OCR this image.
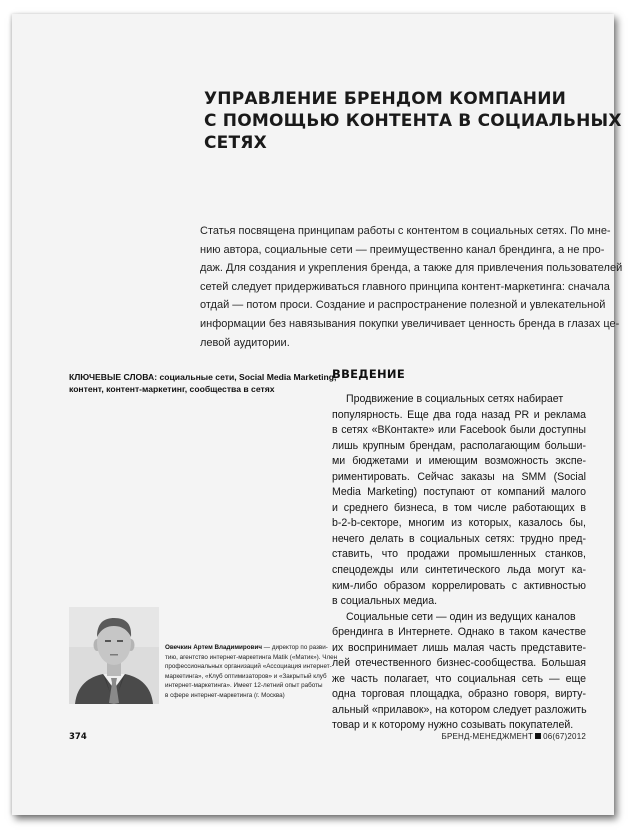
УПРАВЛЕНИЕ БРЕНДОМ КОМПАНИИ
С ПОМОЩЬЮ КОНТЕНТА В СОЦИАЛЬНЫХ
СЕТЯХ
Статья посвящена принципам работы с контентом в социальных сетях. По мне-
нию автора, социальные сети — преимущественно канал брендинга, а не про-
даж. Для создания и укрепления бренда, а также для привлечения пользователей
сетей следует придерживаться главного принципа контент-маркетинга: сначала
отдай — потом проси. Создание и распространение полезной и увлекательной
информации без навязывания покупки увеличивает ценность бренда в глазах це-
левой аудитории.
КЛЮЧЕВЫЕ СЛОВА: социальные сети, Social Media Marketing,
контент, контент-маркетинг, сообщества в сетях
ВВЕДЕНИЕ
Продвижение в социальных сетях набирает
популярность. Еще два года назад PR и реклама
в сетях «ВКонтакте» или Facebook были доступны
лишь крупным брендам, располагающим больши-
ми бюджетами и имеющим возможность экспе-
риментировать. Сейчас заказы на SMM (Social
Media Marketing) поступают от компаний малого
и среднего бизнеса, в том числе работающих в
b-2-b-секторе, многим из которых, казалось бы,
нечего делать в социальных сетях: трудно пред-
ставить, что продажи промышленных станков,
спецодежды или синтетического льда могут ка-
ким-либо образом коррелировать с активностью
в социальных медиа.
Социальные сети — один из ведущих каналов
брендинга в Интернете. Однако в таком качестве
их воспринимает лишь малая часть представите-
лей отечественного бизнес-сообщества. Большая
же часть полагает, что социальная сеть — еще
одна торговая площадка, образно говоря, вирту-
альный «прилавок», на котором следует разложить
товар и к которому нужно созывать покупателей.
Овечкин Артем Владимирович — директор по разви-
тию, агентство интернет-маркетинга Matik («Матик»). Член
профессиональных организаций «Ассоциация интернет-
маркетинга», «Клуб оптимизаторов» и «Закрытый клуб
интернет-маркетинга». Имеет 12-летний опыт работы
в сфере интернет-маркетинга (г. Москва)
374	БРЕНД-МЕНЕДЖМЕНТ 06(67)2012
